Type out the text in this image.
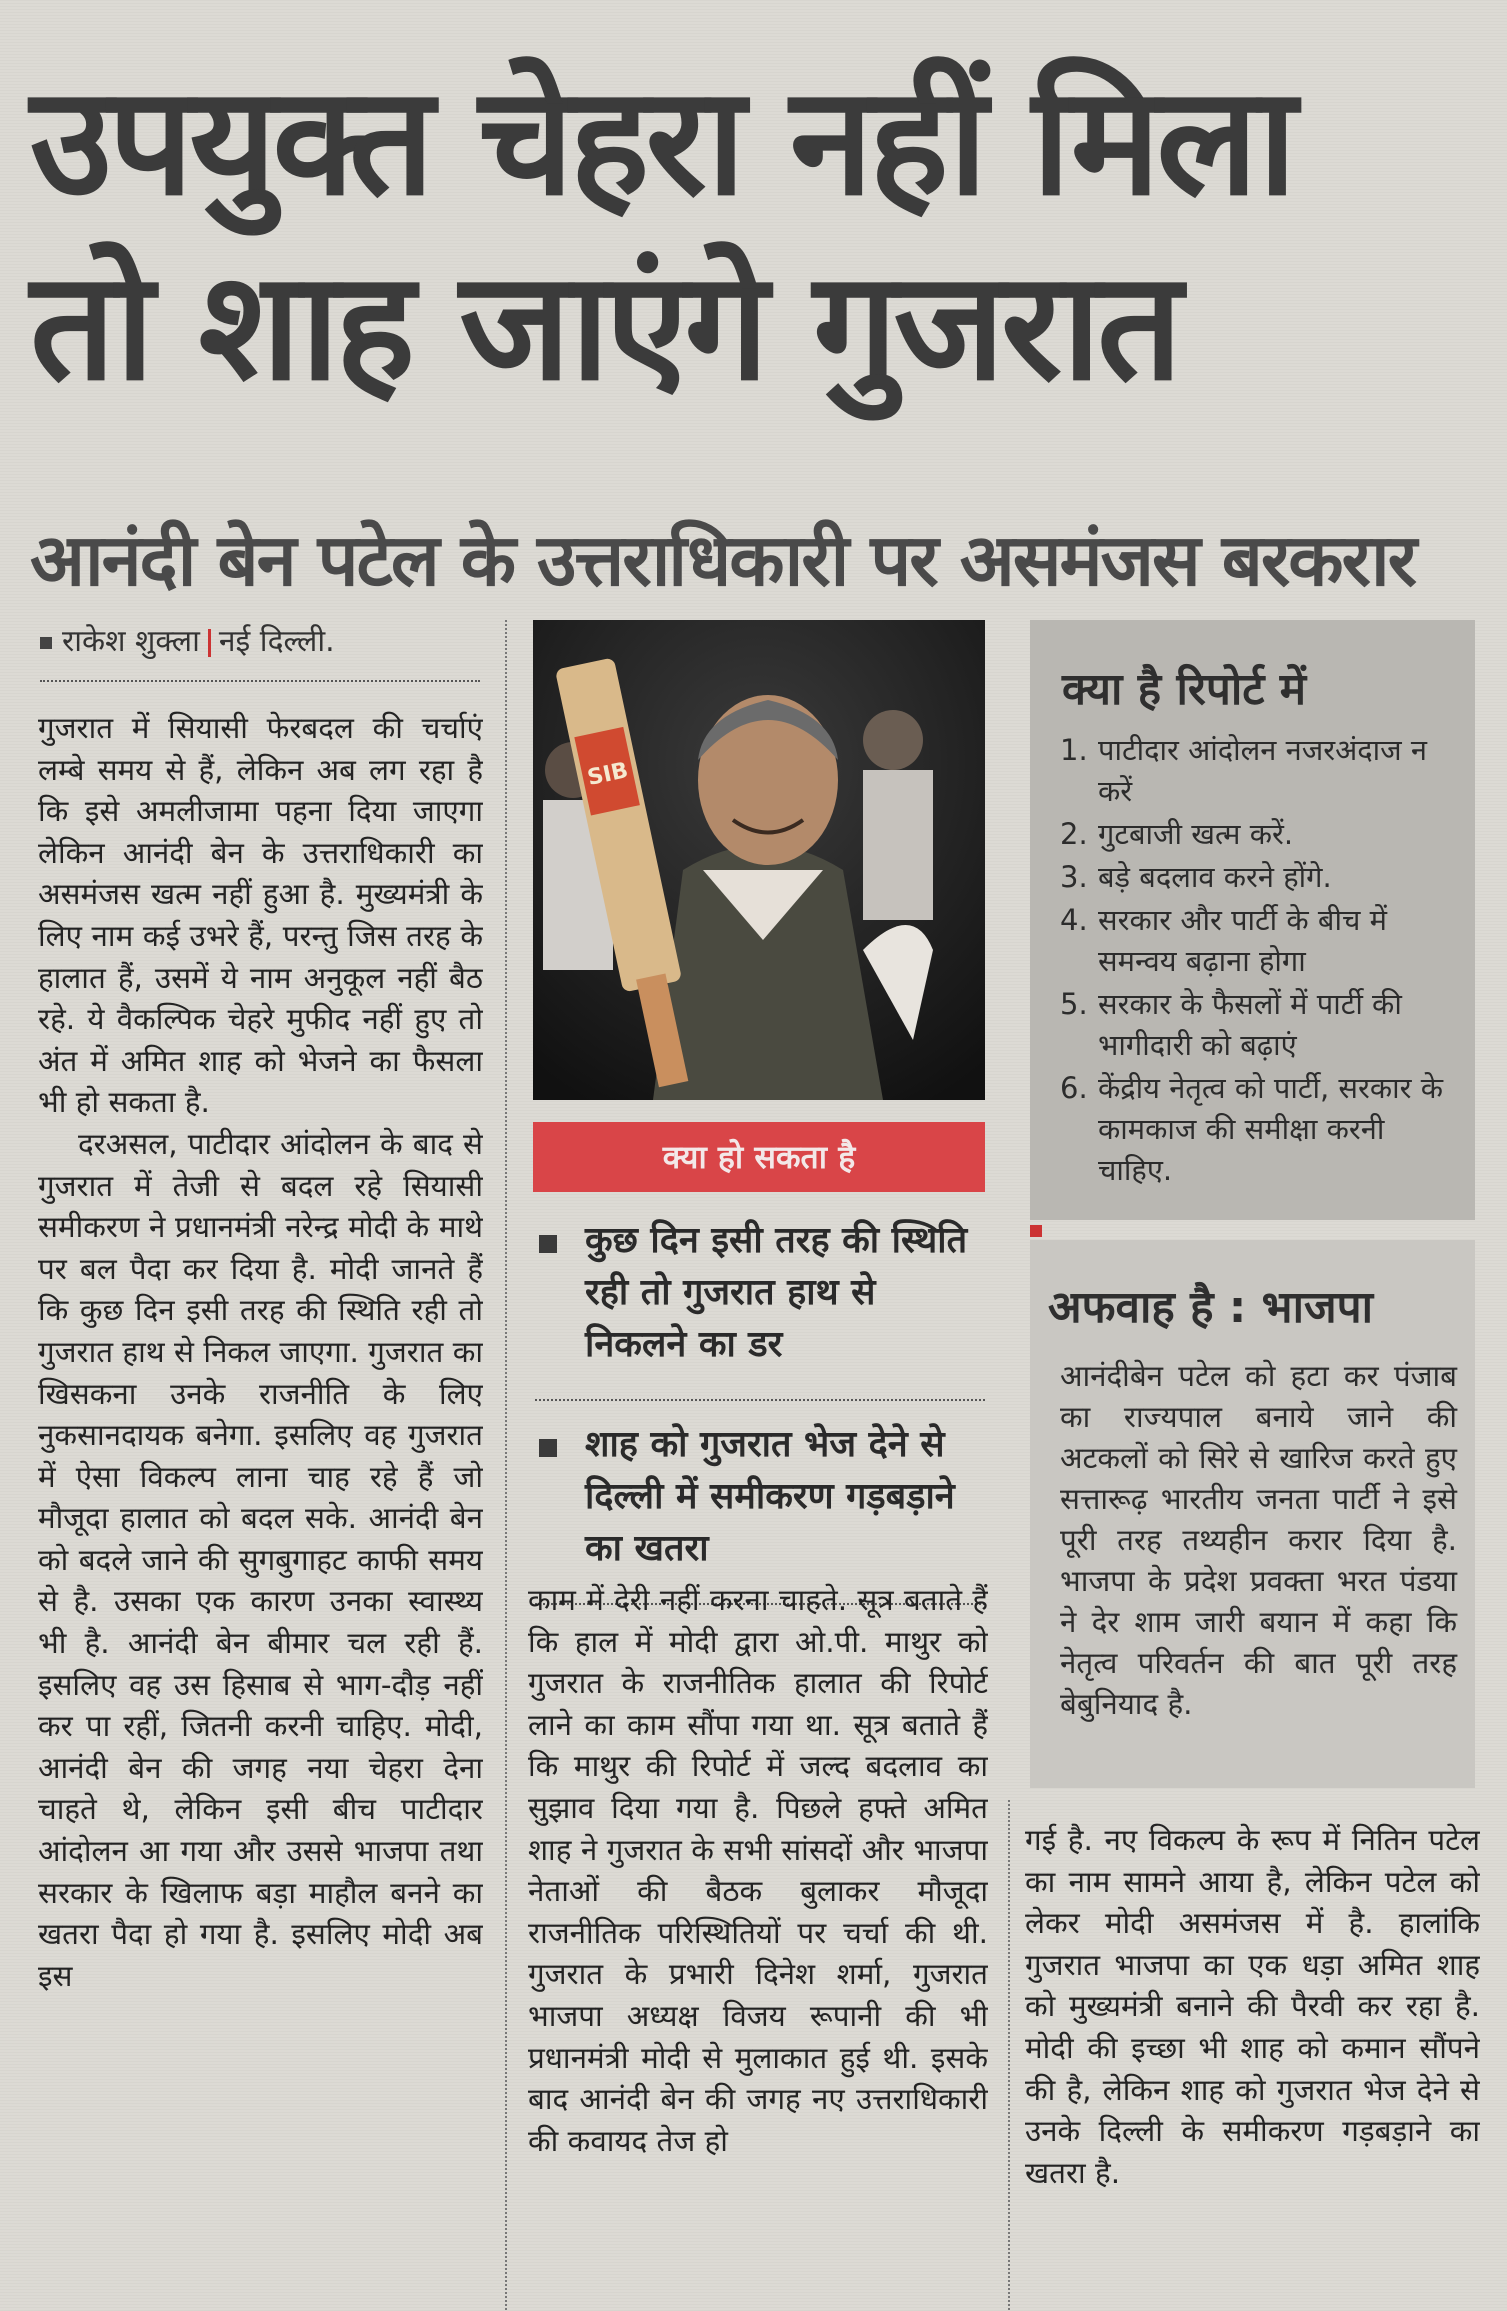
उपयुक्त चेहरा नहीं मिला
तो शाह जाएंगे गुजरात
आनंदी बेन पटेल के उत्तराधिकारी पर असमंजस बरकरार
राकेश शुक्ला नई दिल्ली.

गुजरात में सियासी फेरबदल की चर्चाएं लम्बे समय से हैं, लेकिन अब लग रहा है कि इसे अमलीजामा पहना दिया जाएगा लेकिन आनंदी बेन के उत्तराधिकारी का असमंजस खत्म नहीं हुआ है. मुख्यमंत्री के लिए नाम कई उभरे हैं, परन्तु जिस तरह के हालात हैं, उसमें ये नाम अनुकूल नहीं बैठ रहे. ये वैकल्पिक चेहरे मुफीद नहीं हुए तो अंत में अमित शाह को भेजने का फैसला भी हो सकता है.

दरअसल, पाटीदार आंदोलन के बाद से गुजरात में तेजी से बदल रहे सियासी समीकरण ने प्रधानमंत्री नरेन्द्र मोदी के माथे पर बल पैदा कर दिया है. मोदी जानते हैं कि कुछ दिन इसी तरह की स्थिति रही तो गुजरात हाथ से निकल जाएगा. गुजरात का खिसकना उनके राजनीति के लिए नुकसानदायक बनेगा. इसलिए वह गुजरात में ऐसा विकल्प लाना चाह रहे हैं जो मौजूदा हालात को बदल सके. आनंदी बेन को बदले जाने की सुगबुगाहट काफी समय से है. उसका एक कारण उनका स्वास्थ्य भी है. आनंदी बेन बीमार चल रही हैं. इसलिए वह उस हिसाब से भाग-दौड़ नहीं कर पा रहीं, जितनी करनी चाहिए. मोदी, आनंदी बेन की जगह नया चेहरा देना चाहते थे, लेकिन इसी बीच पाटीदार आंदोलन आ गया और उससे भाजपा तथा सरकार के खिलाफ बड़ा माहौल बनने का खतरा पैदा हो गया है. इसलिए मोदी अब इस

SIB
क्या हो सकता है
कुछ दिन इसी तरह की स्थिति रही तो गुजरात हाथ से निकलने का डर
शाह को गुजरात भेज देने से दिल्ली में समीकरण गड़बड़ाने का खतरा

काम में देरी नहीं करना चाहते. सूत्र बताते हैं कि हाल में मोदी द्वारा ओ.पी. माथुर को गुजरात के राजनीतिक हालात की रिपोर्ट लाने का काम सौंपा गया था. सूत्र बताते हैं कि माथुर की रिपोर्ट में जल्द बदलाव का सुझाव दिया गया है. पिछले हफ्ते अमित शाह ने गुजरात के सभी सांसदों और भाजपा नेताओं की बैठक बुलाकर मौजूदा राजनीतिक परिस्थितियों पर चर्चा की थी. गुजरात के प्रभारी दिनेश शर्मा, गुजरात भाजपा अध्यक्ष विजय रूपानी की भी प्रधानमंत्री मोदी से मुलाकात हुई थी. इसके बाद आनंदी बेन की जगह नए उत्तराधिकारी की कवायद तेज हो

क्या है रिपोर्ट में
1. पाटीदार आंदोलन नजरअंदाज न करें
2. गुटबाजी खत्म करें.
3. बड़े बदलाव करने होंगे.
4. सरकार और पार्टी के बीच में समन्वय बढ़ाना होगा
5. सरकार के फैसलों में पार्टी की भागीदारी को बढ़ाएं
6. केंद्रीय नेतृत्व को पार्टी, सरकार के कामकाज की समीक्षा करनी चाहिए.
अफवाह है : भाजपा
आनंदीबेन पटेल को हटा कर पंजाब का राज्यपाल बनाये जाने की अटकलों को सिरे से खारिज करते हुए सत्तारूढ़ भारतीय जनता पार्टी ने इसे पूरी तरह तथ्यहीन करार दिया है. भाजपा के प्रदेश प्रवक्ता भरत पंडया ने देर शाम जारी बयान में कहा कि नेतृत्व परिवर्तन की बात पूरी तरह बेबुनियाद है.

गई है. नए विकल्प के रूप में नितिन पटेल का नाम सामने आया है, लेकिन पटेल को लेकर मोदी असमंजस में है. हालांकि गुजरात भाजपा का एक धड़ा अमित शाह को मुख्यमंत्री बनाने की पैरवी कर रहा है. मोदी की इच्छा भी शाह को कमान सौंपने की है, लेकिन शाह को गुजरात भेज देने से उनके दिल्ली के समीकरण गड़बड़ाने का खतरा है.
